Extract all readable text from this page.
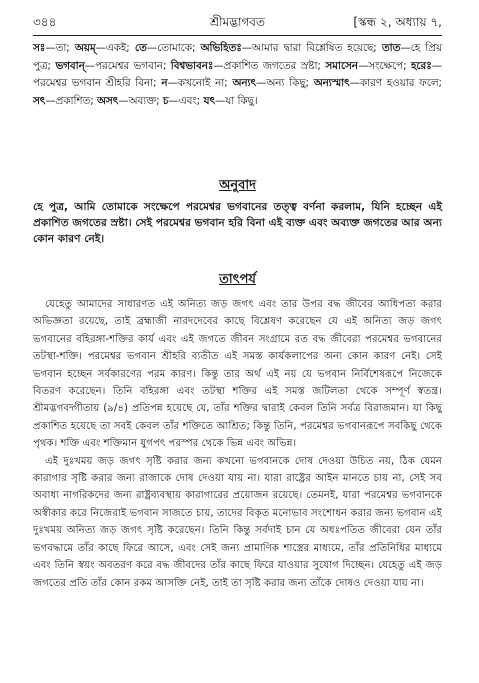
৩৪৪	শ্রীমদ্ভাগবত	[স্কন্ধ ২, অধ্যায় ৭,
সঃ—তা; অয়ম্—একই; তে—তোমাকে; অভিহিতঃ—আমার দ্বারা বিশ্লেষিত হয়েছে; তাত—হে প্রিয় পুত্র; ভগবান্—পরমেশ্বর ভগবান; বিশ্বভাবনঃ—প্রকাশিত জগতের স্রষ্টা; সমাসেন—সংক্ষেপে; হরেঃ—পরমেশ্বর ভগবান শ্রীহরি বিনা; ন—কখনোই না; অন্যৎ—অন্য কিছু; অন্যস্মাৎ—কারণ হওয়ার ফলে; সৎ—প্রকাশিত; অসৎ—অব্যক্ত; চ—এবং; যৎ—যা কিছু।
অনুবাদ
হে পুত্র, আমি তোমাকে সংক্ষেপে পরমেশ্বর ভগবানের তত্ত্ব বর্ণনা করলাম, যিনি হচ্ছেন এই প্রকাশিত জগতের স্রষ্টা। সেই পরমেশ্বর ভগবান হরি বিনা এই ব্যক্ত এবং অব্যক্ত জগতের আর অন্য কোন কারণ নেই।
তাৎপর্য

যেহেতু আমাদের সাধারণত এই অনিত্য জড় জগৎ এবং তার উপর বদ্ধ জীবের আধিপত্য করার অভিজ্ঞতা রয়েছে, তাই ব্রহ্মাজী নারদদেবের কাছে বিশ্লেষণ করেছেন যে এই অনিত্য জড় জগৎ ভগবানের বহিরঙ্গা-শক্তির কার্য এবং এই জগতে জীবন সংগ্রামে রত বদ্ধ জীবেরা পরমেশ্বর ভগবানের তটস্থা-শক্তি। পরমেশ্বর ভগবান শ্রীহরি ব্যতীত এই সমস্ত কার্যকলাপের অন্য কোন কারণ নেই। সেই ভগবান হচ্ছেন সর্বকারণের পরম কারণ। কিন্তু তার অর্থ এই নয় যে ভগবান নির্বিশেষরূপে নিজেকে বিতরণ করেছেন। তিনি বহিরঙ্গা এবং তটস্থা শক্তির এই সমস্ত জটিলতা থেকে সম্পূর্ণ স্বতন্ত্র। শ্রীমদ্ভগবদ্গীতায় (৯/৪) প্রতিপন্ন হয়েছে যে, তাঁর শক্তির দ্বারাই কেবল তিনি সর্বত্র বিরাজমান। যা কিছু প্রকাশিত হয়েছে তা সবই কেবল তাঁর শক্তিতে আশ্রিত; কিন্তু তিনি, পরমেশ্বর ভগবানরূপে সবকিছু থেকে পৃথক। শক্তি এবং শক্তিমান যুগপৎ পরস্পর থেকে ভিন্ন এবং অভিন্ন।

এই দুঃখময় জড় জগৎ সৃষ্টি করার জন্য কখনো ভগবানকে দোষ দেওয়া উচিত নয়, ঠিক যেমন কারাগার সৃষ্টি করার জন্য রাজাকে দোষ দেওয়া যায় না। যারা রাষ্ট্রের আইন মানতে চায় না, সেই সব অবাধ্য নাগরিকদের জন্য রাষ্ট্রব্যবস্থায় কারাগারের প্রয়োজন রয়েছে। তেমনই, যারা পরমেশ্বর ভগবানকে অস্বীকার করে নিজেরাই ভগবান সাজতে চায়, তাদের বিকৃত মনোভাব সংশোধন করার জন্য ভগবান এই দুঃখময় অনিত্য জড় জগৎ সৃষ্টি করেছেন। তিনি কিন্তু সর্বদাই চান যে অধঃপতিত জীবেরা যেন তাঁর ভগবদ্ধামে তাঁর কাছে ফিরে আসে, এবং সেই জন্য প্রামাণিক শাস্ত্রের মাধ্যমে, তাঁর প্রতিনিধির মাধ্যমে এবং তিনি স্বয়ং অবতরণ করে বদ্ধ জীবদের তাঁর কাছে ফিরে যাওয়ার সুযোগ দিচ্ছেন। যেহেতু এই জড় জগতের প্রতি তাঁর কোন রকম আসক্তি নেই, তাই তা সৃষ্টি করার জন্য তাঁকে দোষও দেওয়া যায় না।
